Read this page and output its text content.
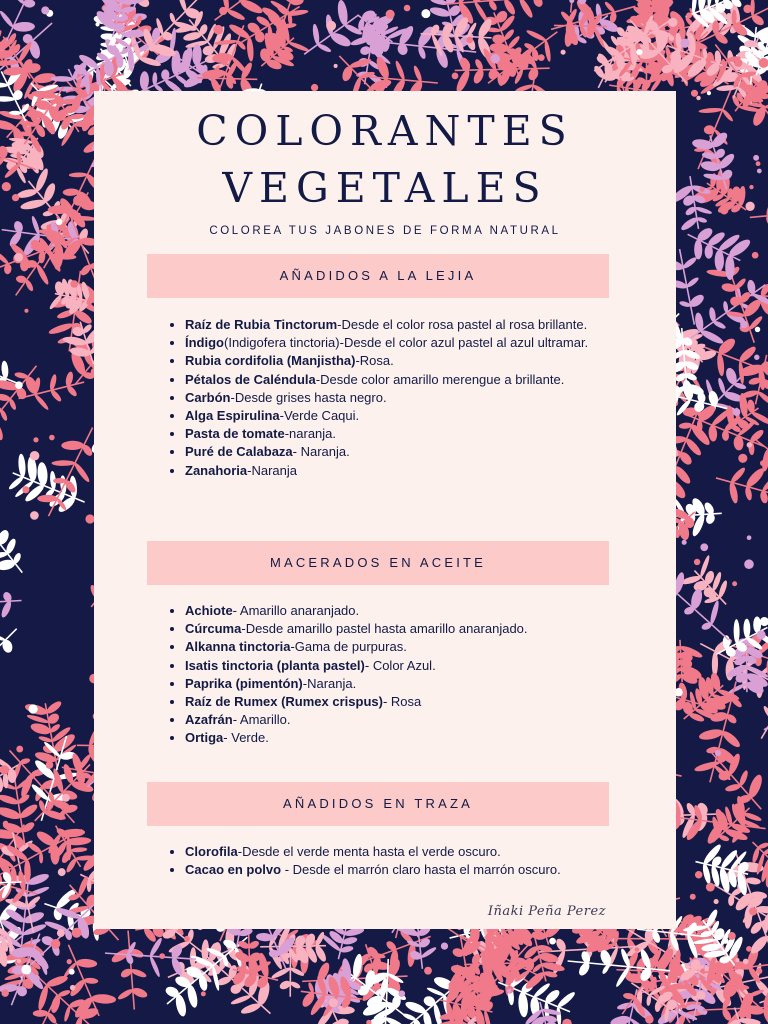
COLORANTES
VEGETALES
COLOREA TUS JABONES DE FORMA NATURAL
AÑADIDOS A LA LEJIA
• Raíz de Rubia Tinctorum-Desde el color rosa pastel al rosa brillante.
• Índigo(Indigofera tinctoria)-Desde el color azul pastel al azul ultramar.
• Rubia cordifolia (Manjistha)-Rosa.
• Pétalos de Caléndula-Desde color amarillo merengue a brillante.
• Carbón-Desde grises hasta negro.
• Alga Espirulina-Verde Caqui.
• Pasta de tomate-naranja.
• Puré de Calabaza- Naranja.
• Zanahoria-Naranja
MACERADOS EN ACEITE
• Achiote- Amarillo anaranjado.
• Cúrcuma-Desde amarillo pastel hasta amarillo anaranjado.
• Alkanna tinctoria-Gama de purpuras.
• Isatis tinctoria (planta pastel)- Color Azul.
• Paprika (pimentón)-Naranja.
• Raíz de Rumex (Rumex crispus)- Rosa
• Azafrán- Amarillo.
• Ortiga- Verde.
AÑADIDOS EN TRAZA
• Clorofila-Desde el verde menta hasta el verde oscuro.
• Cacao en polvo - Desde el marrón claro hasta el marrón oscuro.
Iñaki Peña Perez
